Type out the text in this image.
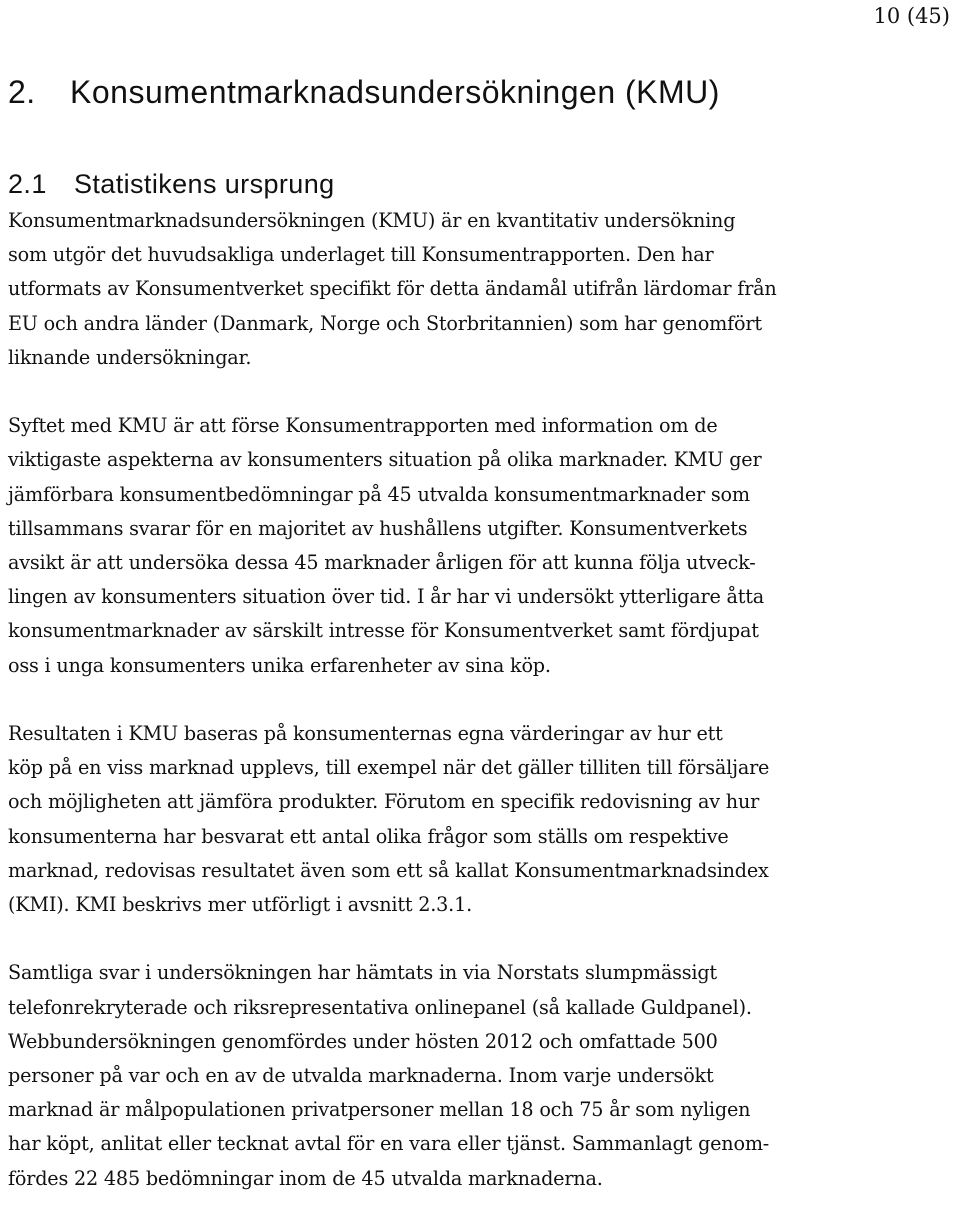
10 (45)
2. Konsumentmarknadsundersökningen (KMU)
2.1 Statistikens ursprung

Konsumentmarknadsundersökningen (KMU) är en kvantitativ undersökning
som utgör det huvudsakliga underlaget till Konsumentrapporten. Den har
utformats av Konsumentverket specifikt för detta ändamål utifrån lärdomar från
EU och andra länder (Danmark, Norge och Storbritannien) som har genomfört
liknande undersökningar.

Syftet med KMU är att förse Konsumentrapporten med information om de
viktigaste aspekterna av konsumenters situation på olika marknader. KMU ger
jämförbara konsumentbedömningar på 45 utvalda konsumentmarknader som
tillsammans svarar för en majoritet av hushållens utgifter. Konsumentverkets
avsikt är att undersöka dessa 45 marknader årligen för att kunna följa utveck-
lingen av konsumenters situation över tid. I år har vi undersökt ytterligare åtta
konsumentmarknader av särskilt intresse för Konsumentverket samt fördjupat
oss i unga konsumenters unika erfarenheter av sina köp.

Resultaten i KMU baseras på konsumenternas egna värderingar av hur ett
köp på en viss marknad upplevs, till exempel när det gäller tilliten till försäljare
och möjligheten att jämföra produkter. Förutom en specifik redovisning av hur
konsumenterna har besvarat ett antal olika frågor som ställs om respektive
marknad, redovisas resultatet även som ett så kallat Konsumentmarknadsindex
(KMI). KMI beskrivs mer utförligt i avsnitt 2.3.1.

Samtliga svar i undersökningen har hämtats in via Norstats slumpmässigt
telefonrekryterade och riksrepresentativa onlinepanel (så kallade Guldpanel).
Webbundersökningen genomfördes under hösten 2012 och omfattade 500
personer på var och en av de utvalda marknaderna. Inom varje undersökt
marknad är målpopulationen privatpersoner mellan 18 och 75 år som nyligen
har köpt, anlitat eller tecknat avtal för en vara eller tjänst. Sammanlagt genom-
fördes 22 485 bedömningar inom de 45 utvalda marknaderna.
